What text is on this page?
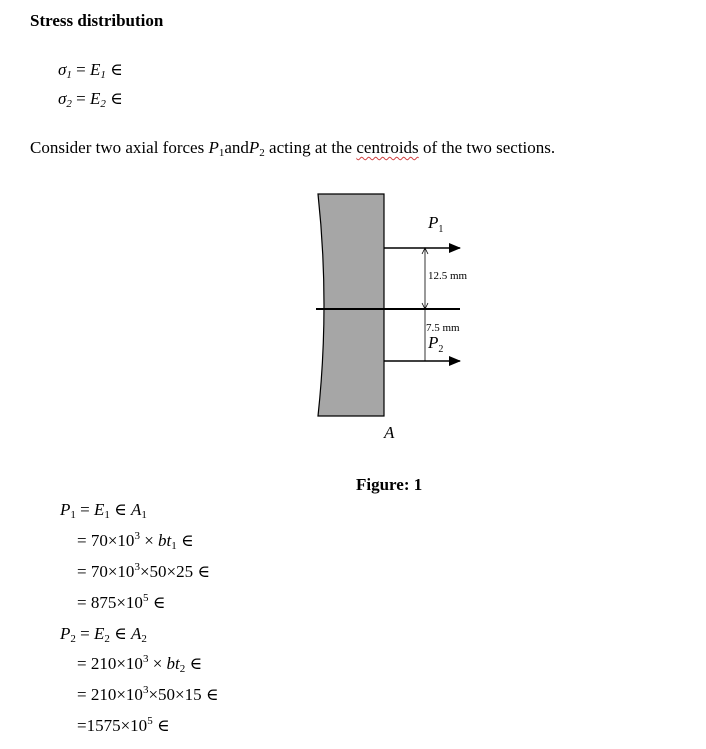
Stress distribution
$\sigma_1 = E_1$ ∈
$\sigma_2 = E_2$ ∈
Consider two axial forces $P_1andP_2$ acting at the centroids of the two sections.
$P_1$
12.5 mm
7.5 mm
$P_2$
A
Figure: 1
$P_1 = E_1$ ∈ $A_1$
= $70\times 10^3 \times bt_1$ ∈
= $70\times 10^3\times 50\times 25$ ∈
= $875\times 10^5$ ∈
$P_2 = E_2$ ∈ $A_2$
= $210\times 10^3 \times bt_2$ ∈
= $210\times 10^3\times 50\times 15$ ∈
$=1575\times 10^5$ ∈
